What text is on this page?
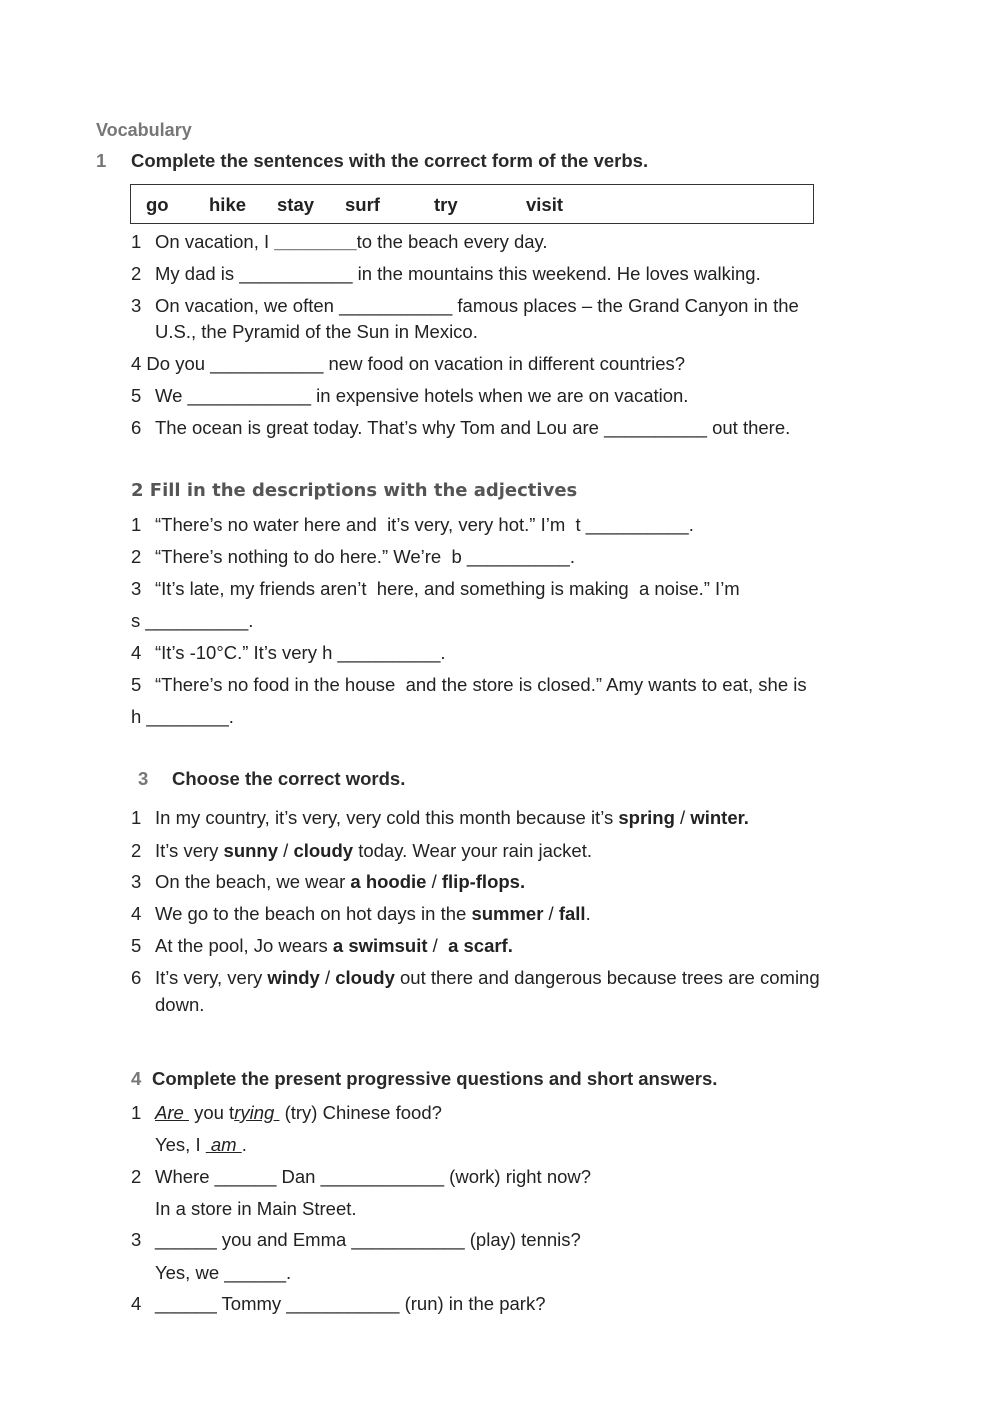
Vocabulary
1 Complete the sentences with the correct form of the verbs.
go hike stay surf	try	visit
1 On vacation, I ________to the beach every day.
2 My dad is ___________ in the mountains this weekend. He loves walking.
3 On vacation, we often ___________ famous places – the Grand Canyon in the
U.S., the Pyramid of the Sun in Mexico.
4 Do you ___________ new food on vacation in different countries?
5 We ____________ in expensive hotels when we are on vacation.
6 The ocean is great today. That’s why Tom and Lou are __________ out there.
2 Fill in the descriptions with the adjectives
1 “There’s no water here and  it’s very, very hot.” I’m  t __________.
2 “There’s nothing to do here.” We’re  b __________.
3 “It’s late, my friends aren’t  here, and something is making  a noise.” I’m
s __________.
4 “It’s -10°C.” It’s very h __________.
5 “There’s no food in the house  and the store is closed.” Amy wants to eat, she is
h ________.
3 Choose the correct words.
1 In my country, it’s very, very cold this month because it’s spring / winter.
2 It’s very sunny / cloudy today. Wear your rain jacket.
3 On the beach, we wear a hoodie / flip-flops.
4 We go to the beach on hot days in the summer / fall.
5 At the pool, Jo wears a swimsuit /  a scarf.
6 It’s very, very windy / cloudy out there and dangerous because trees are coming
down.
4 Complete the present progressive questions and short answers.
1 Are  you trying  (try) Chinese food?
Yes, I  am .
2 Where ______ Dan ____________ (work) right now?
In a store in Main Street.
3 ______ you and Emma ___________ (play) tennis?
Yes, we ______.
4 ______ Tommy ___________ (run) in the park?
